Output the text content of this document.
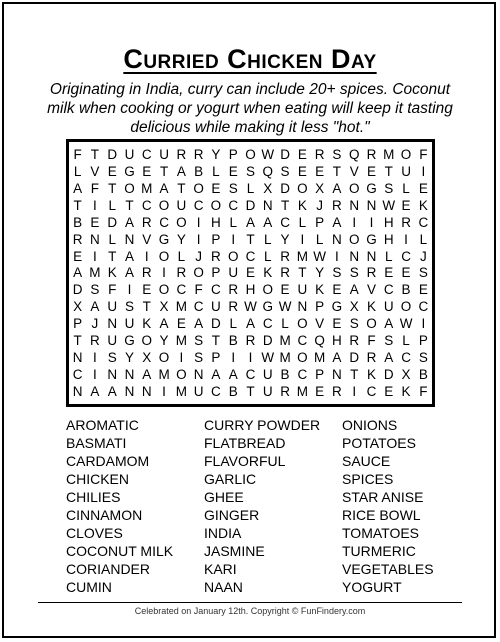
Curried Chicken Day
Originating in India, curry can include 20+ spices. Coconut milk when cooking or yogurt when eating will keep it tasting delicious while making it less "hot."
F T D U C U R R Y P O W D E R S Q R M O F
L V E G E T A B L E S Q S E E T V E T U I
A F T O M A T O E S L X D O X A O G S L E
T I L T C O U C O C D N T K J R N N W E K
B E D A R C O I H L A A C L P A I	I H R C
R N L N V G Y I P I T L Y I L N O G H I L
E I T A I O L J R O C L R M W I N N L C J
A M K A R I R O P U E K R T Y S S R E E S
D S F I E O C F C R H O E U K E A V C B E
X A U S T X M C U R W G W N P G X K U O C
P J N U K A E A D L A C L O V E S O A W I
T R U G O Y M S T B R D M C Q H R F S L P
N I S Y X O I S P I	I W M O M A D R A C S
C I N N A M O N A A C U B C P N T K D X B
N A A N N I M U C B T U R M E R I C E K F
AROMATIC
BASMATI
CARDAMOM
CHICKEN
CHILIES
CINNAMON
CLOVES
COCONUT MILK
CORIANDER
CUMIN
CURRY POWDER
FLATBREAD
FLAVORFUL
GARLIC
GHEE
GINGER
INDIA
JASMINE
KARI
NAAN
ONIONS
POTATOES
SAUCE
SPICES
STAR ANISE
RICE BOWL
TOMATOES
TURMERIC
VEGETABLES
YOGURT
Celebrated on January 12th. Copyright © FunFindery.com
